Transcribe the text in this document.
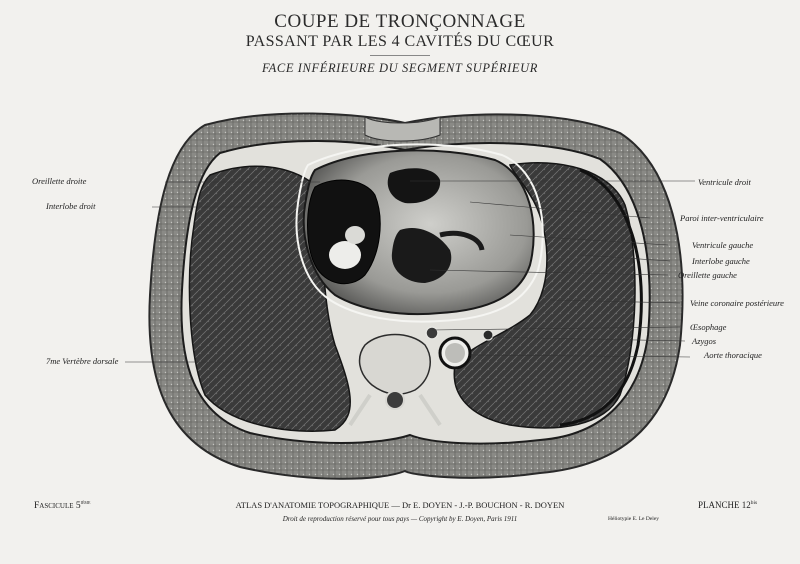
COUPE DE TRONÇONNAGE
PASSANT PAR LES 4 CAVITÉS DU CŒUR
FACE INFÉRIEURE DU SEGMENT SUPÉRIEUR
Oreillette droite
Interlobe droit
7me Vertèbre dorsale
Ventricule droit
Paroi inter-ventriculaire
Ventricule gauche
Interlobe gauche
Oreillette gauche
Veine coronaire postérieure
Œsophage
Azygos
Aorte thoracique
Fascicule 5ième	ATLAS D'ANATOMIE TOPOGRAPHIQUE — Dr E. DOYEN - J.-P. BOUCHON - R. DOYEN
Droit de reproduction réservé pour tous pays — Copyright by E. Doyen, Paris 1911
PLANCHE $12^{bis}$
Héliotypie E. Le Deley
